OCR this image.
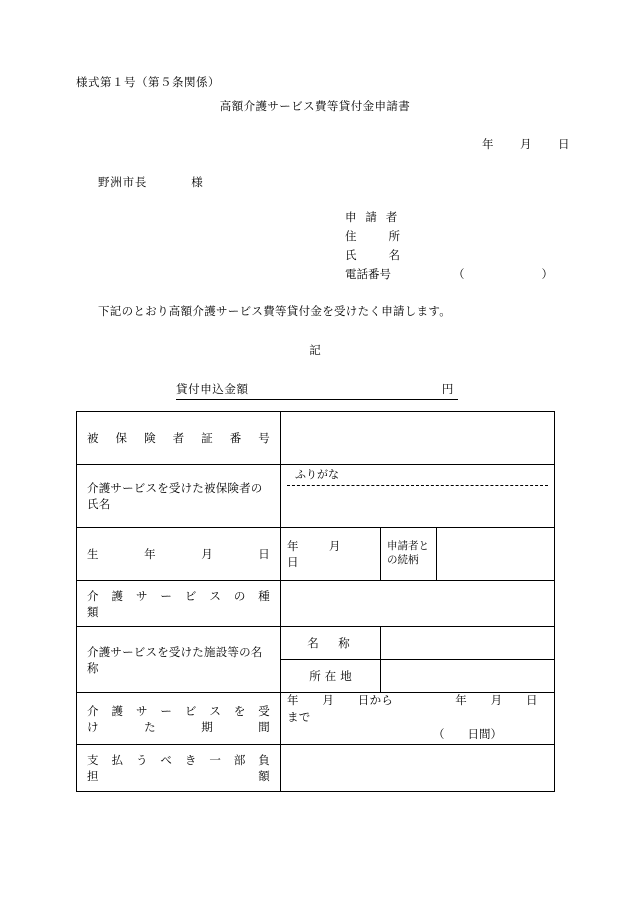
様式第１号（第５条関係）
高額介護サービス費等貸付金申請書
年 月 日
野洲市長	様
申 請 者
住　　所
氏　　名
電話番号	（　　）
下記のとおり高額介護サービス費等貸付金を受けたく申請します。
記
貸付申込金額	円
被　保　険　者　証　番　号			

介護サービスを受けた被保険者の氏名	ふりがな		

生　　年　　月　　日	年 月日	申請者との続柄	

介　護　サ　ー　ビ　ス　の　種　類			

介護サービスを受けた施設等の名称	名　称		
	所在地		

介　護　サ　ー　ビ　ス　を　受　け　た　期　間	年　　月　　日から 年　　月　　日まで
（　　日間）		

支　払　う　べ　き　一　部　負　担　額			
